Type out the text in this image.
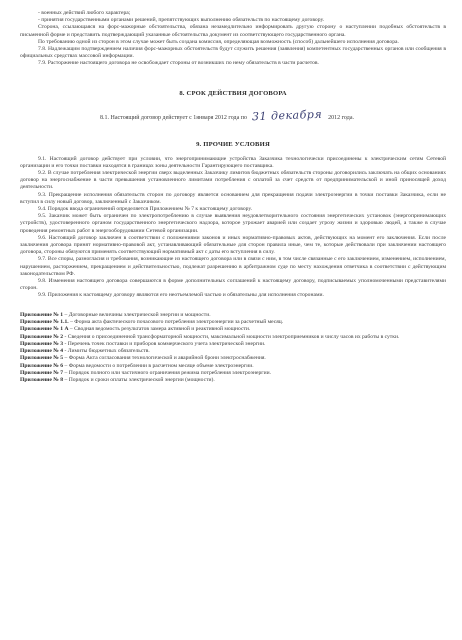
- военных действий любого характера;

- принятия государственными органами решений, препятствующих выполнению обязательств по настоящему договору.

Сторона, ссылающаяся на форс-мажорные обстоятельства, обязана незамедлительно информировать другую сторону о наступлении подобных обстоятельств в письменной форме и представить подтверждающий указанные обстоятельства документ из соответствующего государственного органа.

По требованию одной из сторон в этом случае может быть создана комиссия, определяющая возможность (способ) дальнейшего исполнения договора.

7.8. Надлежащим подтверждением наличия форс-мажорных обстоятельств будут служить решения (заявления) компетентных государственных органов или сообщения в официальных средствах массовой информации.

7.9. Расторжение настоящего договора не освобождает стороны от возникших по нему обязательств в части расчетов.

8. СРОК ДЕЙСТВИЯ ДОГОВОРА
8.1. Настоящий договор действует с 1января 2012 года по 31 декабря 2012 года.
9. ПРОЧИЕ УСЛОВИЯ

9.1. Настоящий договор действует при условии, что энергопринимающие устройства Заказчика технологически присоединены к электрическим сетям Сетевой организации и его точки поставки находятся в границах зоны деятельности Гарантирующего поставщика.

9.2. В случае потребления электрической энергии сверх выделенных Заказчику лимитов бюджетных обязательств стороны договорились заключать на общих основаниях договор на энергоснабжение в части превышения установленного лимитами потребления с оплатой за счет средств от предпринимательской и иной приносящей доход деятельности.

9.3. Прекращение исполнения обязательств сторон по договору является основанием для прекращения подачи электроэнергии в точки поставки Заказчика, если не вступил в силу новый договор, заключенный с Заказчиком.

9.4. Порядок ввода ограничений определяется Приложением № 7 к настоящему договору.

9.5. Заказчик может быть ограничен по электропотреблению в случае выявления неудовлетворительного состояния энергетических установок (энергопринимающих устройств), удостоверенного органом государственного энергетического надзора, которое угрожает аварией или создает угрозу жизни и здоровью людей, а также в случае проведения ремонтных работ в энергооборудовании Сетевой организации.

9.6. Настоящий договор заключен в соответствии с положениями законов и иных нормативно-правовых актов, действующих на момент его заключения. Если после заключения договора принят нормативно-правовой акт, устанавливающий обязательные для сторон правила иные, чем те, которые действовали при заключении настоящего договора, стороны обязуются применять соответствующий нормативный акт с даты его вступления в силу.

9.7. Все споры, разногласия и требования, возникающие из настоящего договора или в связи с ним, в том числе связанные с его заключением, изменением, исполнением, нарушением, расторжением, прекращением и действительностью, подлежат разрешению в арбитражном суде по месту нахождения ответчика в соответствии с действующим законодательством РФ.

9.8. Изменения настоящего договора совершаются в форме дополнительных соглашений к настоящему договору, подписываемых уполномоченными представителями сторон.

9.9. Приложения к настоящему договору являются его неотъемлемой частью и обязательны для исполнения сторонами.

Приложение № 1 – Договорные величины электрической энергии и мощности.

Приложение № 1.1. – Форма акта фактического почасового потребления электроэнергии за расчетный месяц.

Приложение № 1 А – Сводная ведомость результатов замера активной и реактивной мощности.

Приложение № 2 - Сведения о присоединенной трансформаторной мощности, максимальной мощности электроприемников и числу часов их работы в сутки.

Приложение № 3 - Перечень точек поставки и приборов коммерческого учета электрической энергии.

Приложение № 4 - Лимиты бюджетных обязательств.

Приложение № 5 – Форма Акта согласования технологической и аварийной брони электроснабжения.

Приложение № 6 – Форма ведомости о потреблении в расчетном месяце объеме электроэнергии.

Приложение № 7 – Порядок полного или частичного ограничения режима потребления электроэнергии.

Приложение № 8 – Порядок и сроки оплаты электрической энергии (мощности).
